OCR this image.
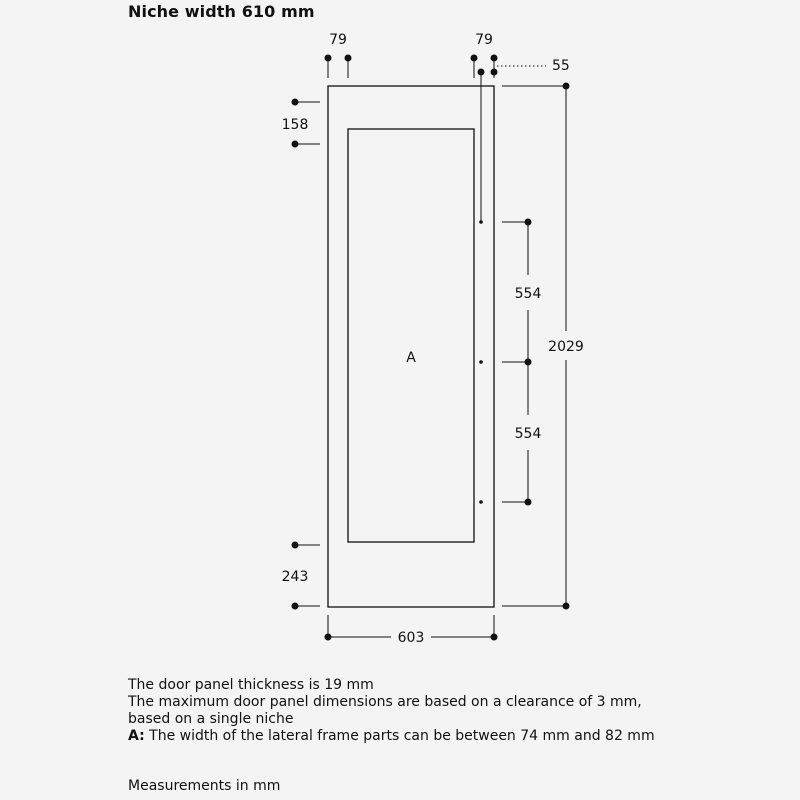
Niche width 610 mm
A
79	79
55
158
243
554
554
2029
603

The door panel thickness is 19 mm

The maximum door panel dimensions are based on a clearance of 3 mm,

based on a single niche

A: The width of the lateral frame parts can be between 74 mm and 82 mm

Measurements in mm
